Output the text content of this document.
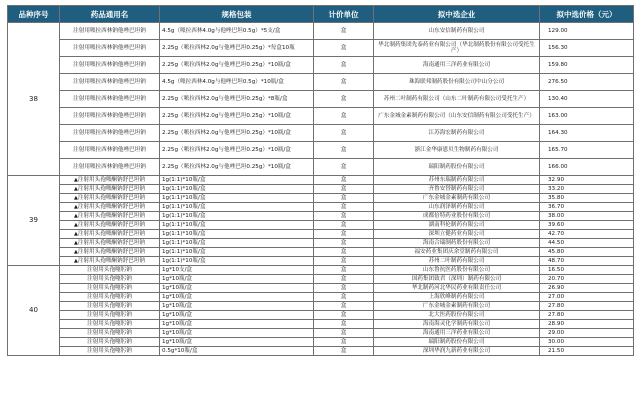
品种序号	药品通用名	规格包装	计价单位	拟中选企业	拟中选价格（元）
38	注射用哌拉西林钠他唑巴坦钠	4.5g（哌拉西林4.0g与他唑巴坦0.5g）*5支/盒	盒	山东安信制药有限公司	129.00
	注射用哌拉西林钠他唑巴坦钠	2.25g（哌拉西林2.0g与他唑巴坦0.25g）*每盒10瓶	盒	华北制药集团先泰药业有限公司（华北制药股份有限公司受托生产）	156.30
	注射用哌拉西林钠他唑巴坦钠	2.25g（哌拉西林2.0g与他唑巴坦0.25g）*10瓶/盒	盒	海南通用三洋药业有限公司	159.80
	注射用哌拉西林钠他唑巴坦钠	4.5g（哌拉西林4.0g与他唑巴坦0.5g）*10瓶/盒	盒	珠海联邦制药股份有限公司中山分公司	276.50
	注射用哌拉西林钠他唑巴坦钠	2.25g（哌拉西林2.0g与他唑巴坦0.25g）*8瓶/盒	盒	苏州二叶制药有限公司（山东二叶制药有限公司受托生产）	130.40
	注射用哌拉西林钠他唑巴坦钠	2.25g（哌拉西林2.0g与他唑巴坦0.25g）*10瓶/盒	盒	广东金城金素制药有限公司（山东安信制药有限公司受托生产）	163.00
	注射用哌拉西林钠他唑巴坦钠	2.25g（哌拉西林2.0g与他唑巴坦0.25g）*10瓶/盒	盒	江苏海宏制药有限公司	164.30
	注射用哌拉西林钠他唑巴坦钠	2.25g（哌拉西林2.0g与他唑巴坦0.25g）*10瓶/盒	盒	浙江金华康恩贝生物制药有限公司	165.70
	注射用哌拉西林钠他唑巴坦钠	2.25g（哌拉西林2.0g与他唑巴坦0.25g）*10瓶/盒	盒	瑞阳制药股份有限公司	166.00
39	▲注射用头孢哌酮钠舒巴坦钠	1g(1:1)*10瓶/盒	盒	苏州东瑞制药有限公司	32.90
	▲注射用头孢哌酮钠舒巴坦钠	1g(1:1)*10瓶/盒	盒	齐鲁安替制药有限公司	33.20
	▲注射用头孢哌酮钠舒巴坦钠	1g(1:1)*10瓶/盒	盒	广东金城金素制药有限公司	35.80
	▲注射用头孢哌酮钠舒巴坦钠	1g(1:1)*10瓶/盒	盒	山东润泽制药有限公司	36.70
	▲注射用头孢哌酮钠舒巴坦钠	1g(1:1)*10瓶/盒	盒	成都倍特药业股份有限公司	38.00
	▲注射用头孢哌酮钠舒巴坦钠	1g(1:1)*10瓶/盒	盒	湖南科伦制药有限公司	39.60
	▲注射用头孢哌酮钠舒巴坦钠	1g(1:1)*10瓶/盒	盒	深圳立健药业有限公司	42.70
	▲注射用头孢哌酮钠舒巴坦钠	1g(1:1)*10瓶/盒	盒	海南合瑞制药股份有限公司	44.50
	▲注射用头孢哌酮钠舒巴坦钠	1g(1:1)*10瓶/盒	盒	福安药业集团庆余堂制药有限公司	45.80
	▲注射用头孢哌酮钠舒巴坦钠	1g(1:1)*10瓶/盒	盒	苏州二叶制药有限公司	48.70
40	注射用头孢噻肟钠	1g*10支/盒	盒	山东鲁抗医药股份有限公司	16.50
	注射用头孢噻肟钠	1g*10瓶/盒	盒	国药集团致君（深圳）制药有限公司	20.70
	注射用头孢噻肟钠	1g*10瓶/盒	盒	华北制药河北华民药业有限责任公司	26.90
	注射用头孢噻肟钠	1g*10瓶/盒	盒	上海欣峰制药有限公司	27.00
	注射用头孢噻肟钠	1g*10瓶/盒	盒	广东金城金素制药有限公司	27.80
	注射用头孢噻肟钠	1g*10瓶/盒	盒	北大医药股份有限公司	27.80
	注射用头孢噻肟钠	1g*10瓶/盒	盒	海南海灵化学制药有限公司	28.90
	注射用头孢噻肟钠	1g*10瓶/盒	盒	海南通用三洋药业有限公司	29.00
	注射用头孢噻肟钠	1g*10瓶/盒	盒	瑞阳制药股份有限公司	30.00
	注射用头孢噻肟钠	0.5g*10瓶/盒	盒	深圳华润九新药业有限公司	21.50
